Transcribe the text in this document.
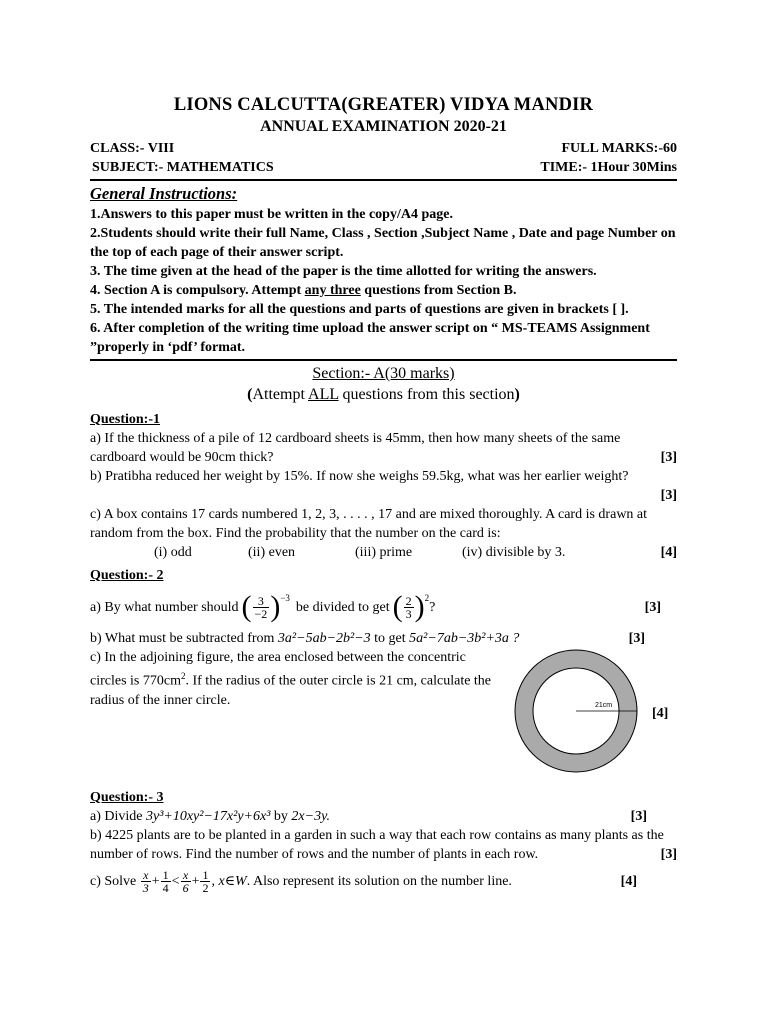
LIONS CALCUTTA(GREATER) VIDYA MANDIR
ANNUAL EXAMINATION 2020-21
CLASS:- VIII	FULL MARKS:-60
SUBJECT:- MATHEMATICS	TIME:- 1Hour 30Mins
General Instructions:
1.Answers to this paper must be written in the copy/A4 page.
2.Students should write their full Name, Class , Section ,Subject Name , Date and page Number on the top of each page of their answer script.
3. The time given at the head of the paper is the time allotted for writing the answers.
4. Section A is compulsory. Attempt any three questions from Section B.
5. The intended marks for all the questions and parts of questions are given in brackets [ ].
6. After completion of the writing time upload the answer script on “ MS-TEAMS Assignment ”properly in ‘pdf’ format.
Section:- A(30 marks)
(Attempt ALL questions from this section)
Question:-1
a) If the thickness of a pile of 12 cardboard sheets is 45mm, then how many sheets of the same cardboard would be 90cm thick?	[3]
b) Pratibha reduced her weight by 15%. If now she weighs 59.5kg, what was her earlier weight?
[3]
c) A box contains 17 cards numbered 1, 2, 3, . . . . , 17 and are mixed thoroughly. A card is drawn at random from the box. Find the probability that the number on the card is:
(i) odd	(ii) even	(iii) prime	(iv) divisible by 3.	[4]
Question:- 2
a) By what number should ( $\frac{3}{-2} )^{-3}$
be divided to get ( $\frac{2}{3} )^2$
?	[3]
b) What must be subtracted from
3a²−5ab−2b²−3
to get
5a²−7ab−3b²+3a ?	[3]
c) In the adjoining figure, the area enclosed between the concentric circles is $770cm^2$. If the radius of the outer circle is 21 cm, calculate the radius of the inner circle.	21cm
[4]
Question:- 3
a) Divide
3y³+10xy²−17x²y+6x³
by
2x−3y.	[3]
b) 4225 plants are to be planted in a garden in such a way that each row contains as many plants as the number of rows. Find the number of rows and the number of plants in each row.	[3]
c) Solve
$\frac{x}{3} + \frac{1}{4} < \frac{x}{6} + \frac{1}{2}$ , x∈W . Also represent its solution on the number line.	[4]
